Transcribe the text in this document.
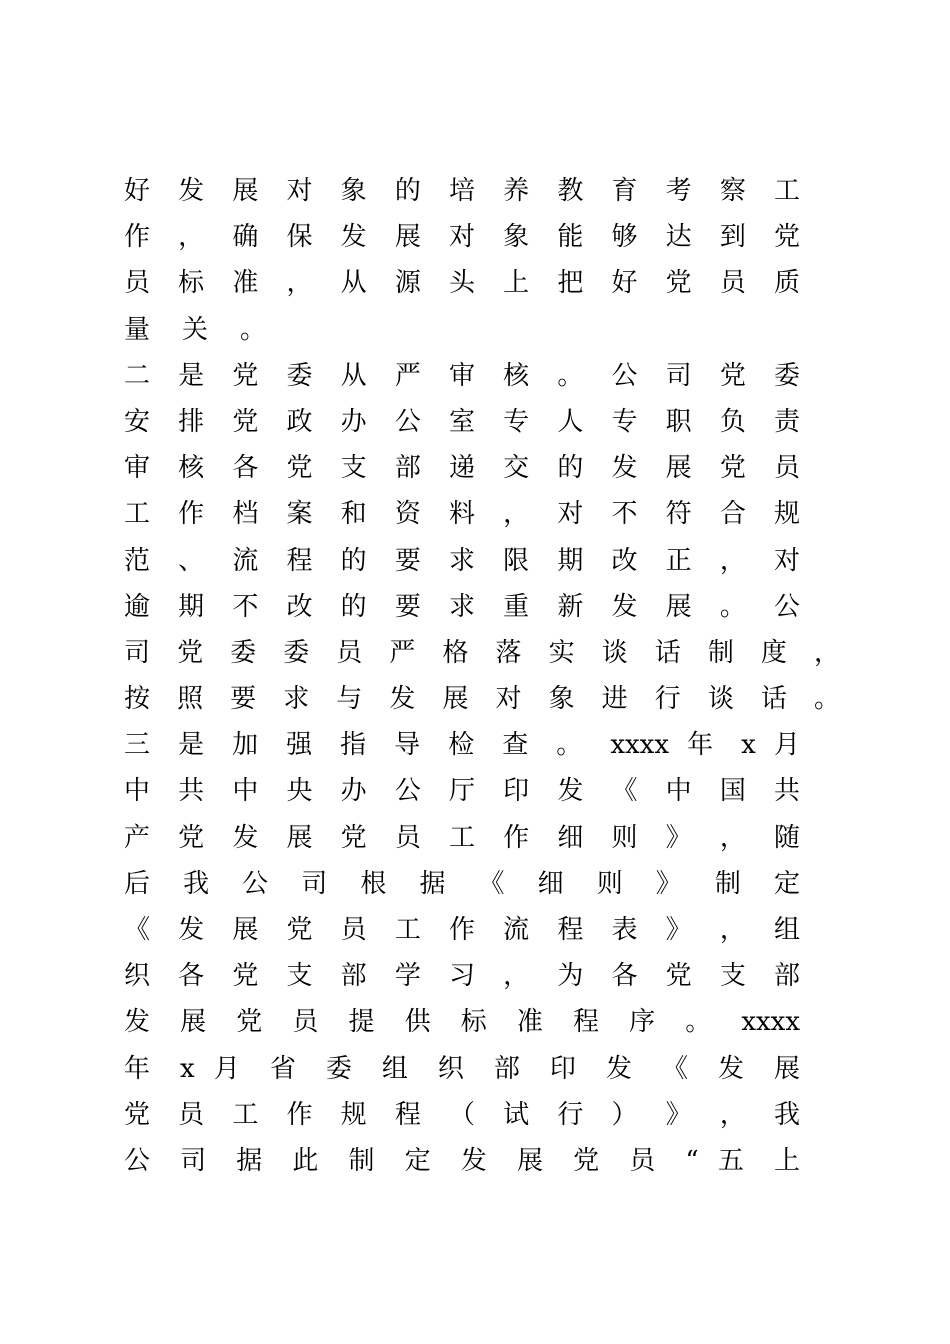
好 发 展 对 象 的 培 养 教 育 考 察 工
作 ， 确 保 发 展 对 象 能 够 达 到 党
员 标 准 ， 从 源 头 上 把 好 党 员 质
量关。
二 是 党 委 从 严 审 核 。 公 司 党 委
安 排 党 政 办 公 室 专 人 专 职 负 责
审 核 各 党 支 部 递 交 的 发 展 党 员
工 作 档 案 和 资 料 ， 对 不 符 合 规
范 、 流 程 的 要 求 限 期 改 正 ， 对
逾 期 不 改 的 要 求 重 新 发 展 。 公
司 党 委 委 员 严 格 落 实 谈 话 制 度 ，
按 照 要 求 与 发 展 对 象 进 行 谈 话 。
三 是 加 强 指 导 检 查 。 xxxx 年 x 月
中 共 中 央 办 公 厅 印 发 《 中 国 共
产 党 发 展 党 员 工 作 细 则 》 ， 随
后 我 公 司 根 据 《 细 则 》 制 定
《 发 展 党 员 工 作 流 程 表 》 ， 组
织 各 党 支 部 学 习 ， 为 各 党 支 部
发 展 党 员 提 供 标 准 程 序 。 xxxx
年 x 月 省 委 组 织 部 印 发 《 发 展
党 员 工 作 规 程 （ 试 行 ） 》 ， 我
公 司 据 此 制 定 发 展 党 员 “ 五 上
